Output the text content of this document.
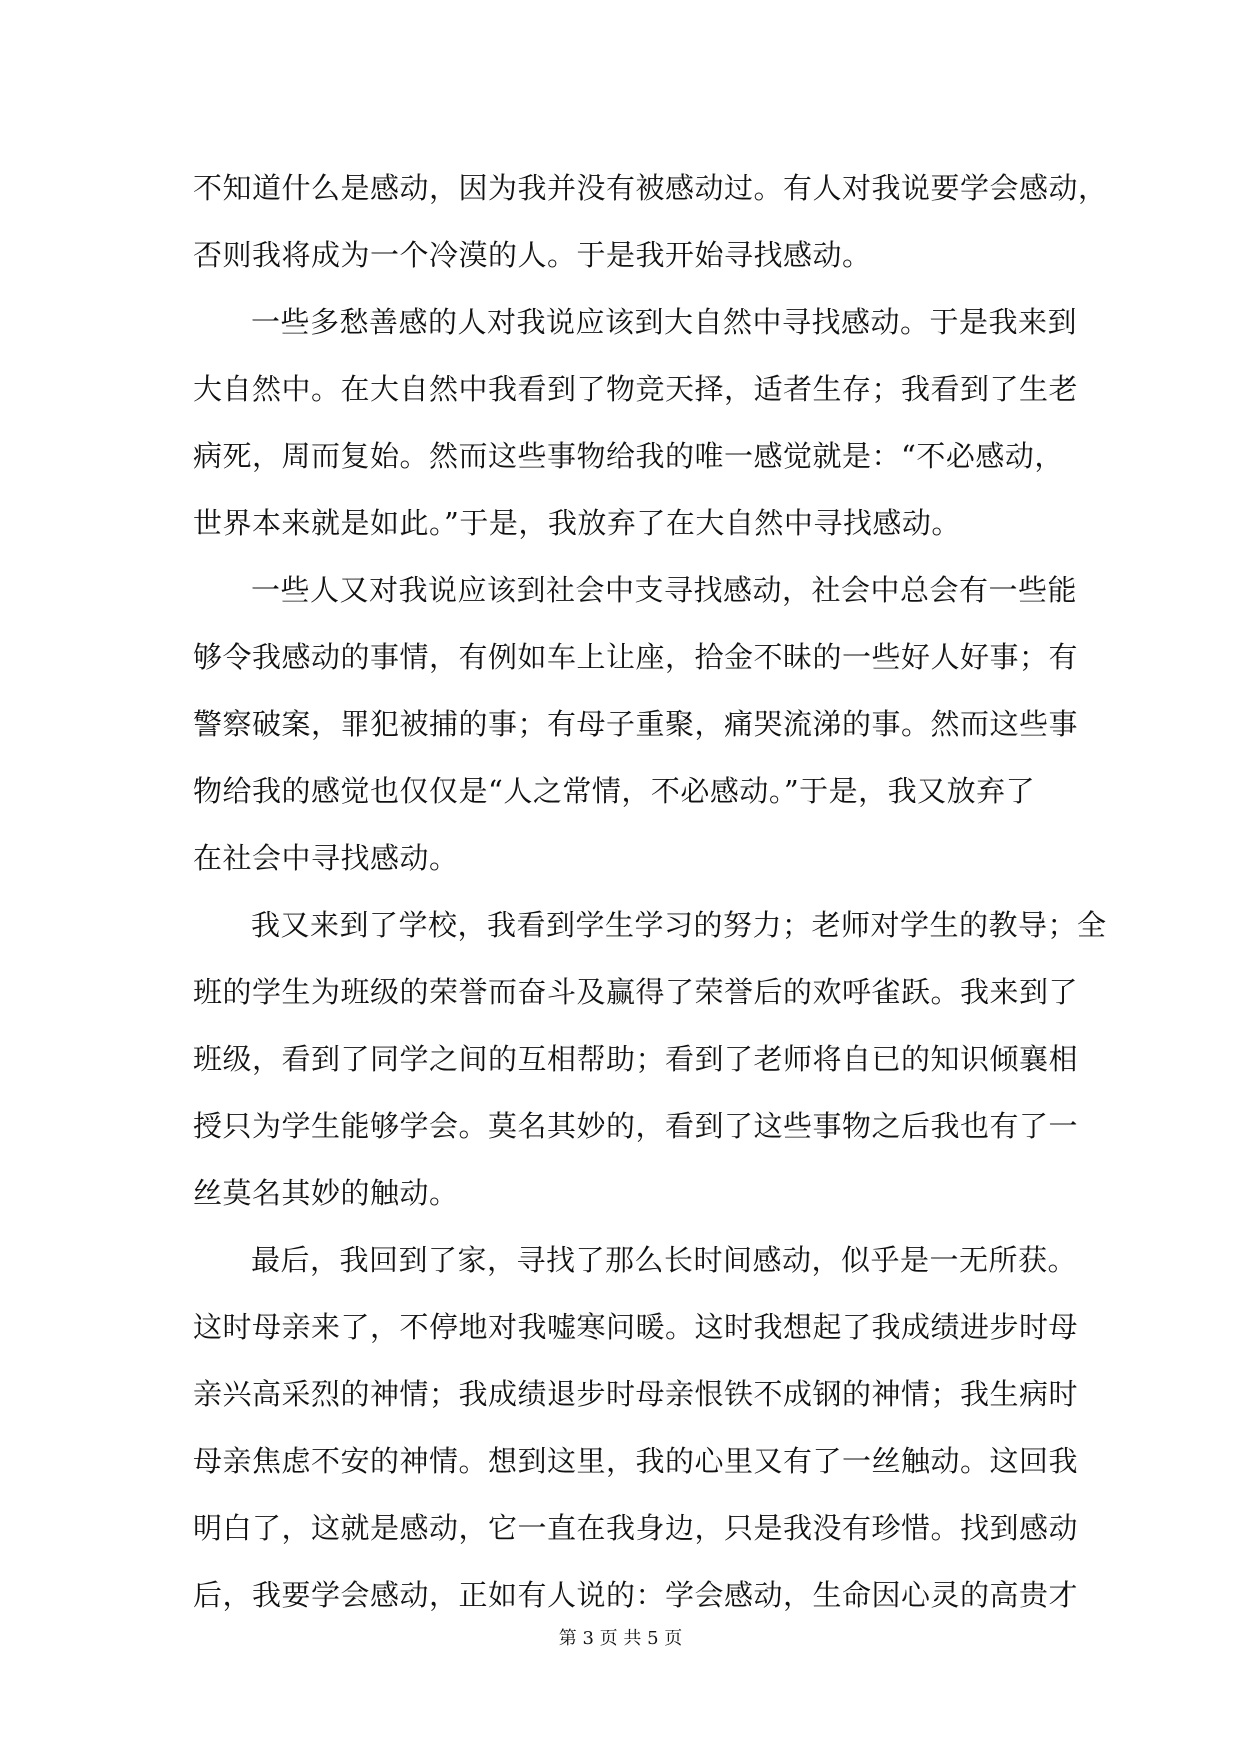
不知道什么是感动，因为我并没有被感动过。有人对我说要学会感动，
否则我将成为一个冷漠的人。于是我开始寻找感动。
一些多愁善感的人对我说应该到大自然中寻找感动。于是我来到
大自然中。在大自然中我看到了物竞天择，适者生存；我看到了生老
病死，周而复始。然而这些事物给我的唯一感觉就是：“不必感动，
世界本来就是如此。”于是，我放弃了在大自然中寻找感动。
一些人又对我说应该到社会中支寻找感动，社会中总会有一些能
够令我感动的事情，有例如车上让座，拾金不昧的一些好人好事；有
警察破案，罪犯被捕的事；有母子重聚，痛哭流涕的事。然而这些事
物给我的感觉也仅仅是“人之常情，不必感动。”于是，我又放弃了
在社会中寻找感动。
我又来到了学校，我看到学生学习的努力；老师对学生的教导；全
班的学生为班级的荣誉而奋斗及赢得了荣誉后的欢呼雀跃。我来到了
班级，看到了同学之间的互相帮助；看到了老师将自已的知识倾襄相
授只为学生能够学会。莫名其妙的，看到了这些事物之后我也有了一
丝莫名其妙的触动。
最后，我回到了家，寻找了那么长时间感动，似乎是一无所获。
这时母亲来了，不停地对我嘘寒问暖。这时我想起了我成绩进步时母
亲兴高采烈的神情；我成绩退步时母亲恨铁不成钢的神情；我生病时
母亲焦虑不安的神情。想到这里，我的心里又有了一丝触动。这回我
明白了，这就是感动，它一直在我身边，只是我没有珍惜。找到感动
后，我要学会感动，正如有人说的：学会感动，生命因心灵的高贵才
第 3 页 共 5 页
